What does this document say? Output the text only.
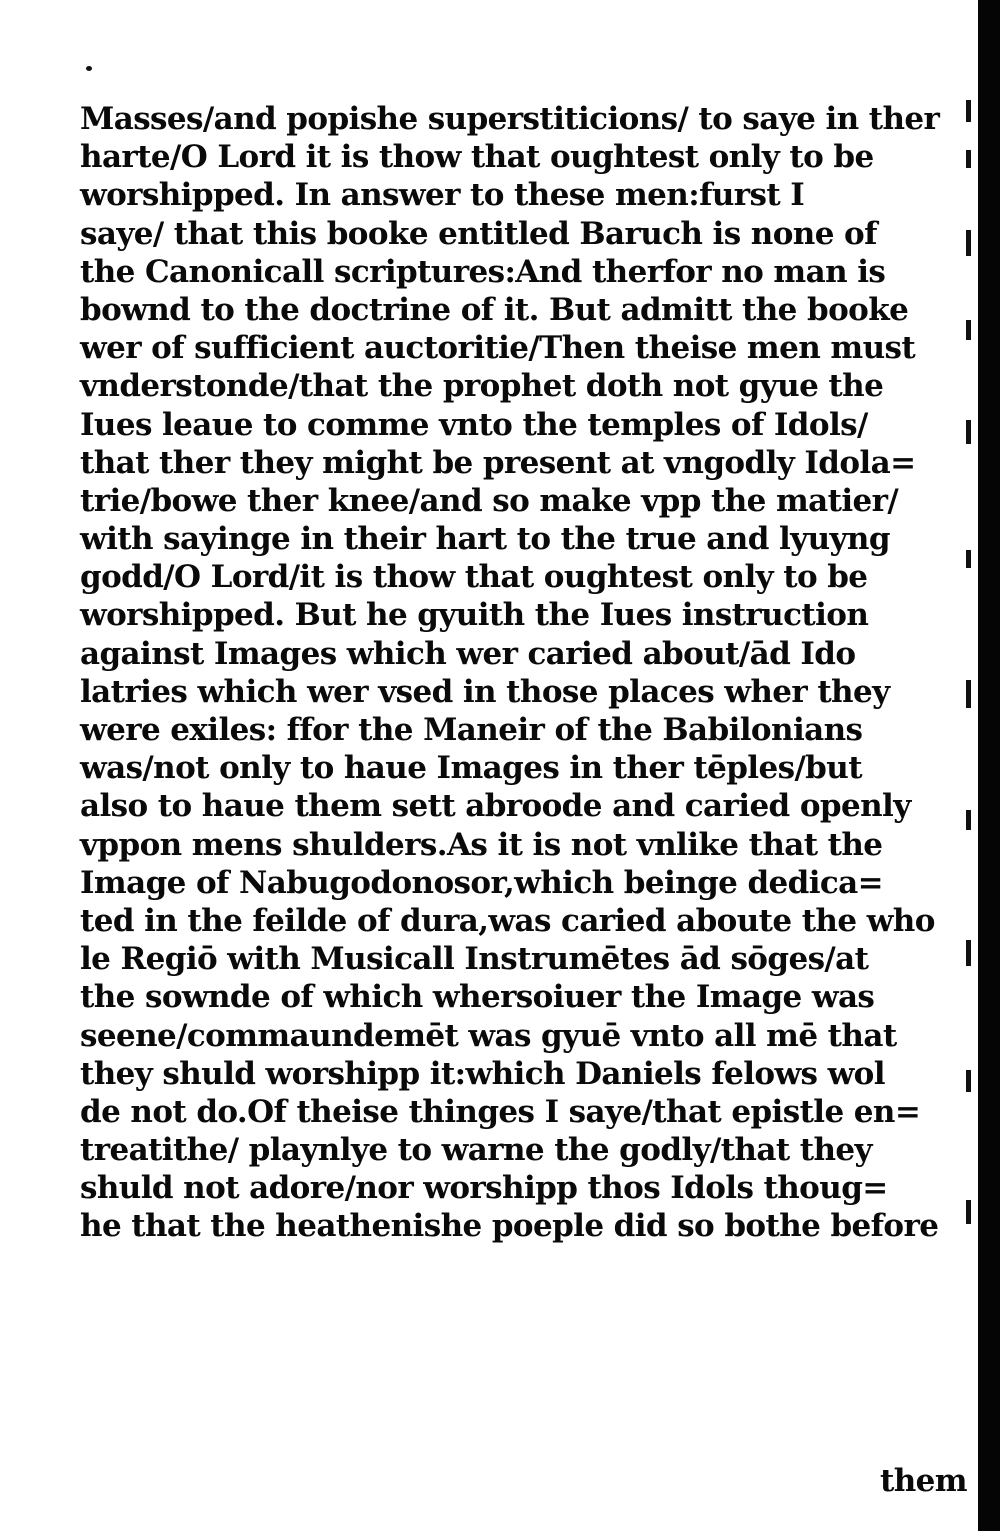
Masses/and popishe superstiticions/ to saye in ther
harte/O Lord it is thow that oughtest only to be
worshipped. In answer to these men:furst I
saye/ that this booke entitled Baruch is none of
the Canonicall scriptures:And therfor no man is
bownd to the doctrine of it. But admitt the booke
wer of sufficient auctoritie/Then theise men must
vnderstonde/that the prophet doth not gyue the
Iues leaue to comme vnto the temples of Idols/
that ther they might be present at vngodly Idola=
trie/bowe ther knee/and so make vpp the matier/
with sayinge in their hart to the true and lyuyng
godd/O Lord/it is thow that oughtest only to be
worshipped. But he gyuith the Iues instruction
against Images which wer caried about/ād Ido
latries which wer vsed in those places wher they
were exiles: ffor the Maneir of the Babilonians
was/not only to haue Images in ther tēples/but
also to haue them sett abroode and caried openly
vppon mens shulders.As it is not vnlike that the
Image of Nabugodonosor,which beinge dedica=
ted in the feilde of dura,was caried aboute the who
le Regiō with Musicall Instrumētes ād sōges/at
the sownde of which whersoiuer the Image was
seene/commaundemēt was gyuē vnto all mē that
they shuld worshipp it:which Daniels felows wol
de not do.Of theise thinges I saye/that epistle en=
treatithe/ playnlye to warne the godly/that they
shuld not adore/nor worshipp thos Idols thoug=
he that the heathenishe poeple did so bothe before
them
